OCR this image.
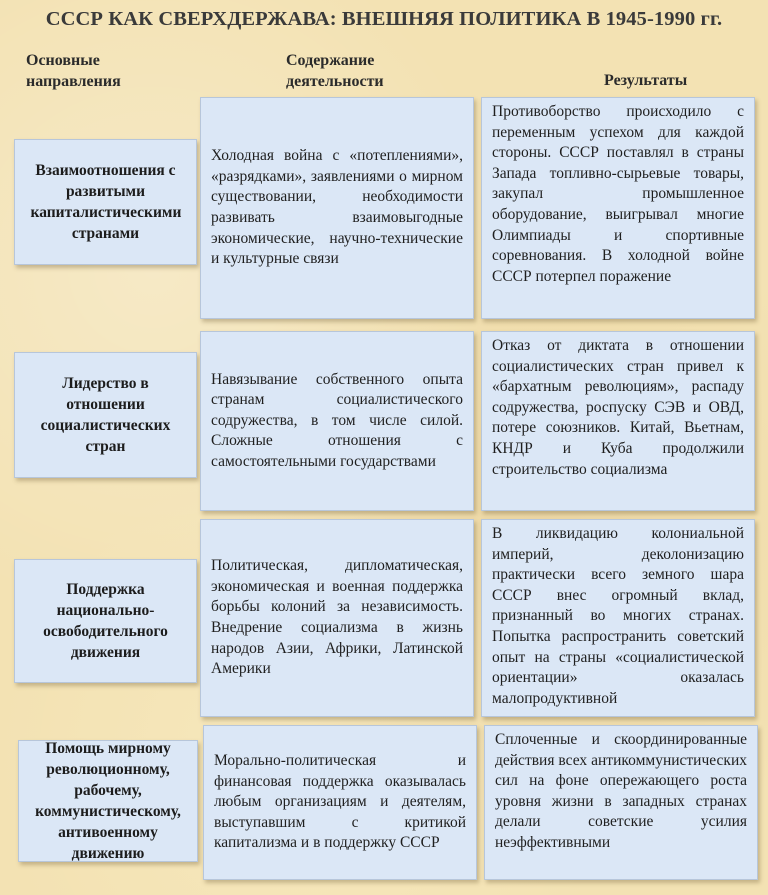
СССР КАК СВЕРХДЕРЖАВА: ВНЕШНЯЯ ПОЛИТИКА В 1945-1990 гг.
Основные направления
Содержание деятельности	Результаты
Взаимоотношения с развитыми капиталистическими странами
Холодная война с «потеплениями», «разрядками», заявлениями о мирном существовании, необходимости развивать взаимовыгодные экономические, научно-технические и культурные связи
Противоборство происходило с переменным успехом для каждой стороны. СССР поставлял в страны Запада топливно-сырьевые товары, закупал промышленное оборудование, выигрывал многие Олимпиады и спортивные соревнования. В холодной войне СССР потерпел поражение
Лидерство в отношении социалистических стран
Навязывание собственного опыта странам социалистического содружества, в том числе силой. Сложные отношения с самостоятельными государствами
Отказ от диктата в отношении социалистических стран привел к «бархатным революциям», распаду содружества, роспуску СЭВ и ОВД, потере союзников. Китай, Вьетнам, КНДР и Куба продолжили строительство социализма
Поддержка национально-освободительного движения
Политическая, дипломатическая, экономическая и военная поддержка борьбы колоний за независимость. Внедрение социализма в жизнь народов Азии, Африки, Латинской Америки
В ликвидацию колониальной империй, деколонизацию практически всего земного шара СССР внес огромный вклад, признанный во многих странах. Попытка распространить советский опыт на страны «социалистической ориентации» оказалась малопродуктивной
Помощь мирному революционному, рабочему, коммунистическому, антивоенному движению
Морально-политическая и финансовая поддержка оказывалась любым организациям и деятелям, выступавшим с критикой капитализма и в поддержку СССР
Сплоченные и скоординированные действия всех антикоммунистических сил на фоне опережающего роста уровня жизни в западных странах делали советские усилия неэффективными
